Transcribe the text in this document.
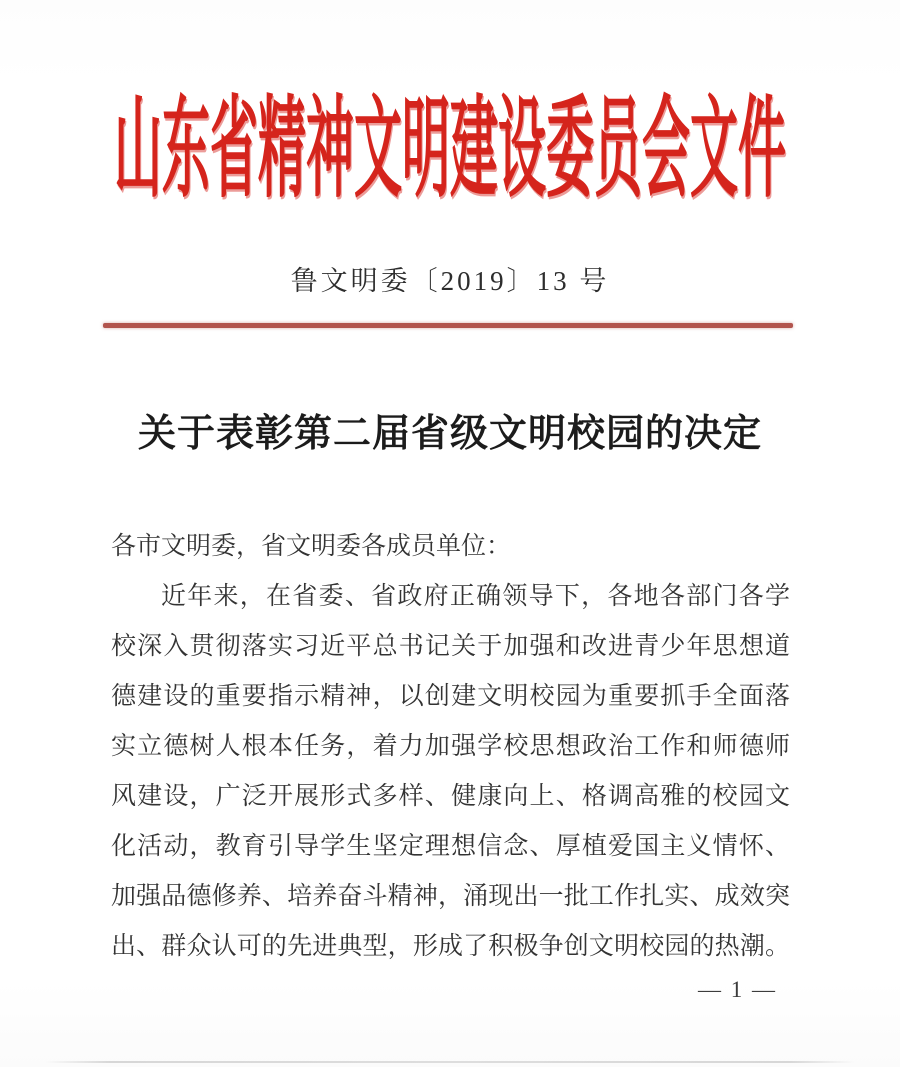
山东省精神文明建设委员会文件
鲁文明委〔2019〕13 号
关于表彰第二届省级文明校园的决定
各市文明委，省文明委各成员单位：
近年来，在省委、省政府正确领导下，各地各部门各学
校深入贯彻落实习近平总书记关于加强和改进青少年思想道
德建设的重要指示精神，以创建文明校园为重要抓手全面落
实立德树人根本任务，着力加强学校思想政治工作和师德师
风建设，广泛开展形式多样、健康向上、格调高雅的校园文
化活动，教育引导学生坚定理想信念、厚植爱国主义情怀、
加强品德修养、培养奋斗精神，涌现出一批工作扎实、成效突
出、群众认可的先进典型，形成了积极争创文明校园的热潮。
— 1 —
